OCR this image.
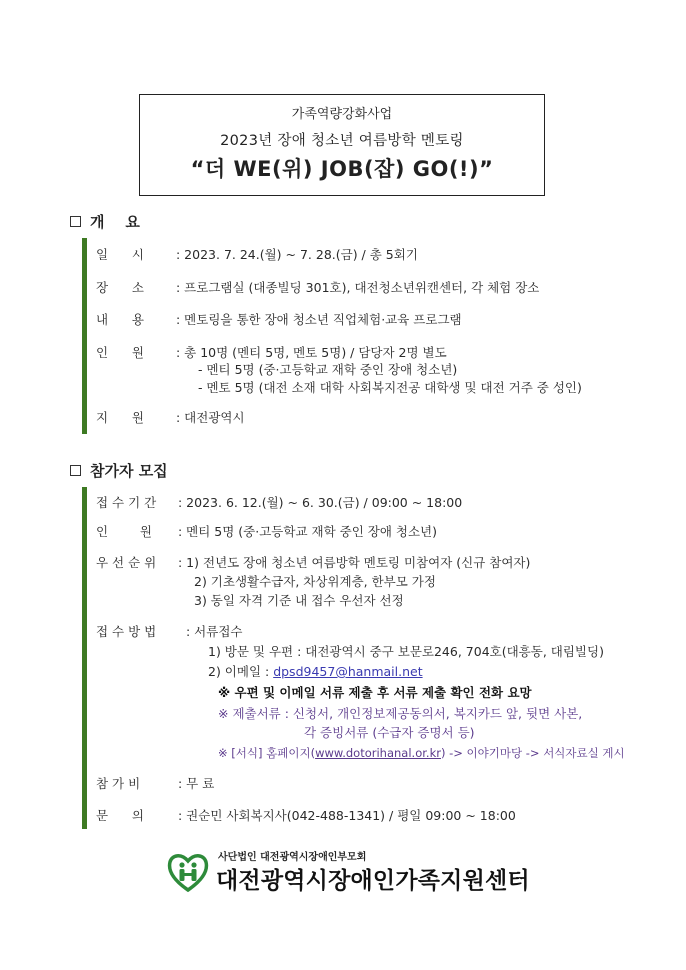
가족역량강화사업
2023년 장애 청소년 여름방학 멘토링
“더 WE(위) JOB(잡) GO(!)”
개    요
일      시	: 2023. 7. 24.(월) ~ 7. 28.(금) / 총 5회기
장      소	: 프로그램실 (대종빌딩 301호), 대전청소년위캔센터, 각 체험 장소
내      용	: 멘토링을 통한 장애 청소년 직업체험·교육 프로그램
인      원	: 총 10명 (멘티 5명, 멘토 5명) / 담당자 2명 별도
- 멘티 5명 (중·고등학교 재학 중인 장애 청소년)
- 멘토 5명 (대전 소재 대학 사회복지전공 대학생 및 대전 거주 중 성인)
지      원	: 대전광역시
참가자 모집
접 수 기 간 : 2023. 6. 12.(월) ~ 6. 30.(금) / 09:00 ~ 18:00
인        원 : 멘티 5명 (중·고등학교 재학 중인 장애 청소년)
우 선 순 위 : 1) 전년도 장애 청소년 여름방학 멘토링 미참여자 (신규 참여자)
2) 기초생활수급자, 차상위계층, 한부모 가정
3) 동일 자격 기준 내 접수 우선자 선정
접 수 방 법 : 서류접수
1) 방문 및 우편 : 대전광역시 중구 보문로246, 704호(대흥동, 대림빌딩)
2) 이메일 : dpsd9457@hanmail.net
※ 우편 및 이메일 서류 제출 후 서류 제출 확인 전화 요망
※ 제출서류 : 신청서, 개인정보제공동의서, 복지카드 앞, 뒷면 사본,
각 증빙서류 (수급자 증명서 등)
※ [서식] 홈페이지(www.dotorihanal.or.kr) -> 이야기마당 -> 서식자료실 게시
참 가 비	: 무 료
문      의	: 권순민 사회복지사(042-488-1341) / 평일 09:00 ~ 18:00
사단법인 대전광역시장애인부모회
대전광역시장애인가족지원센터
